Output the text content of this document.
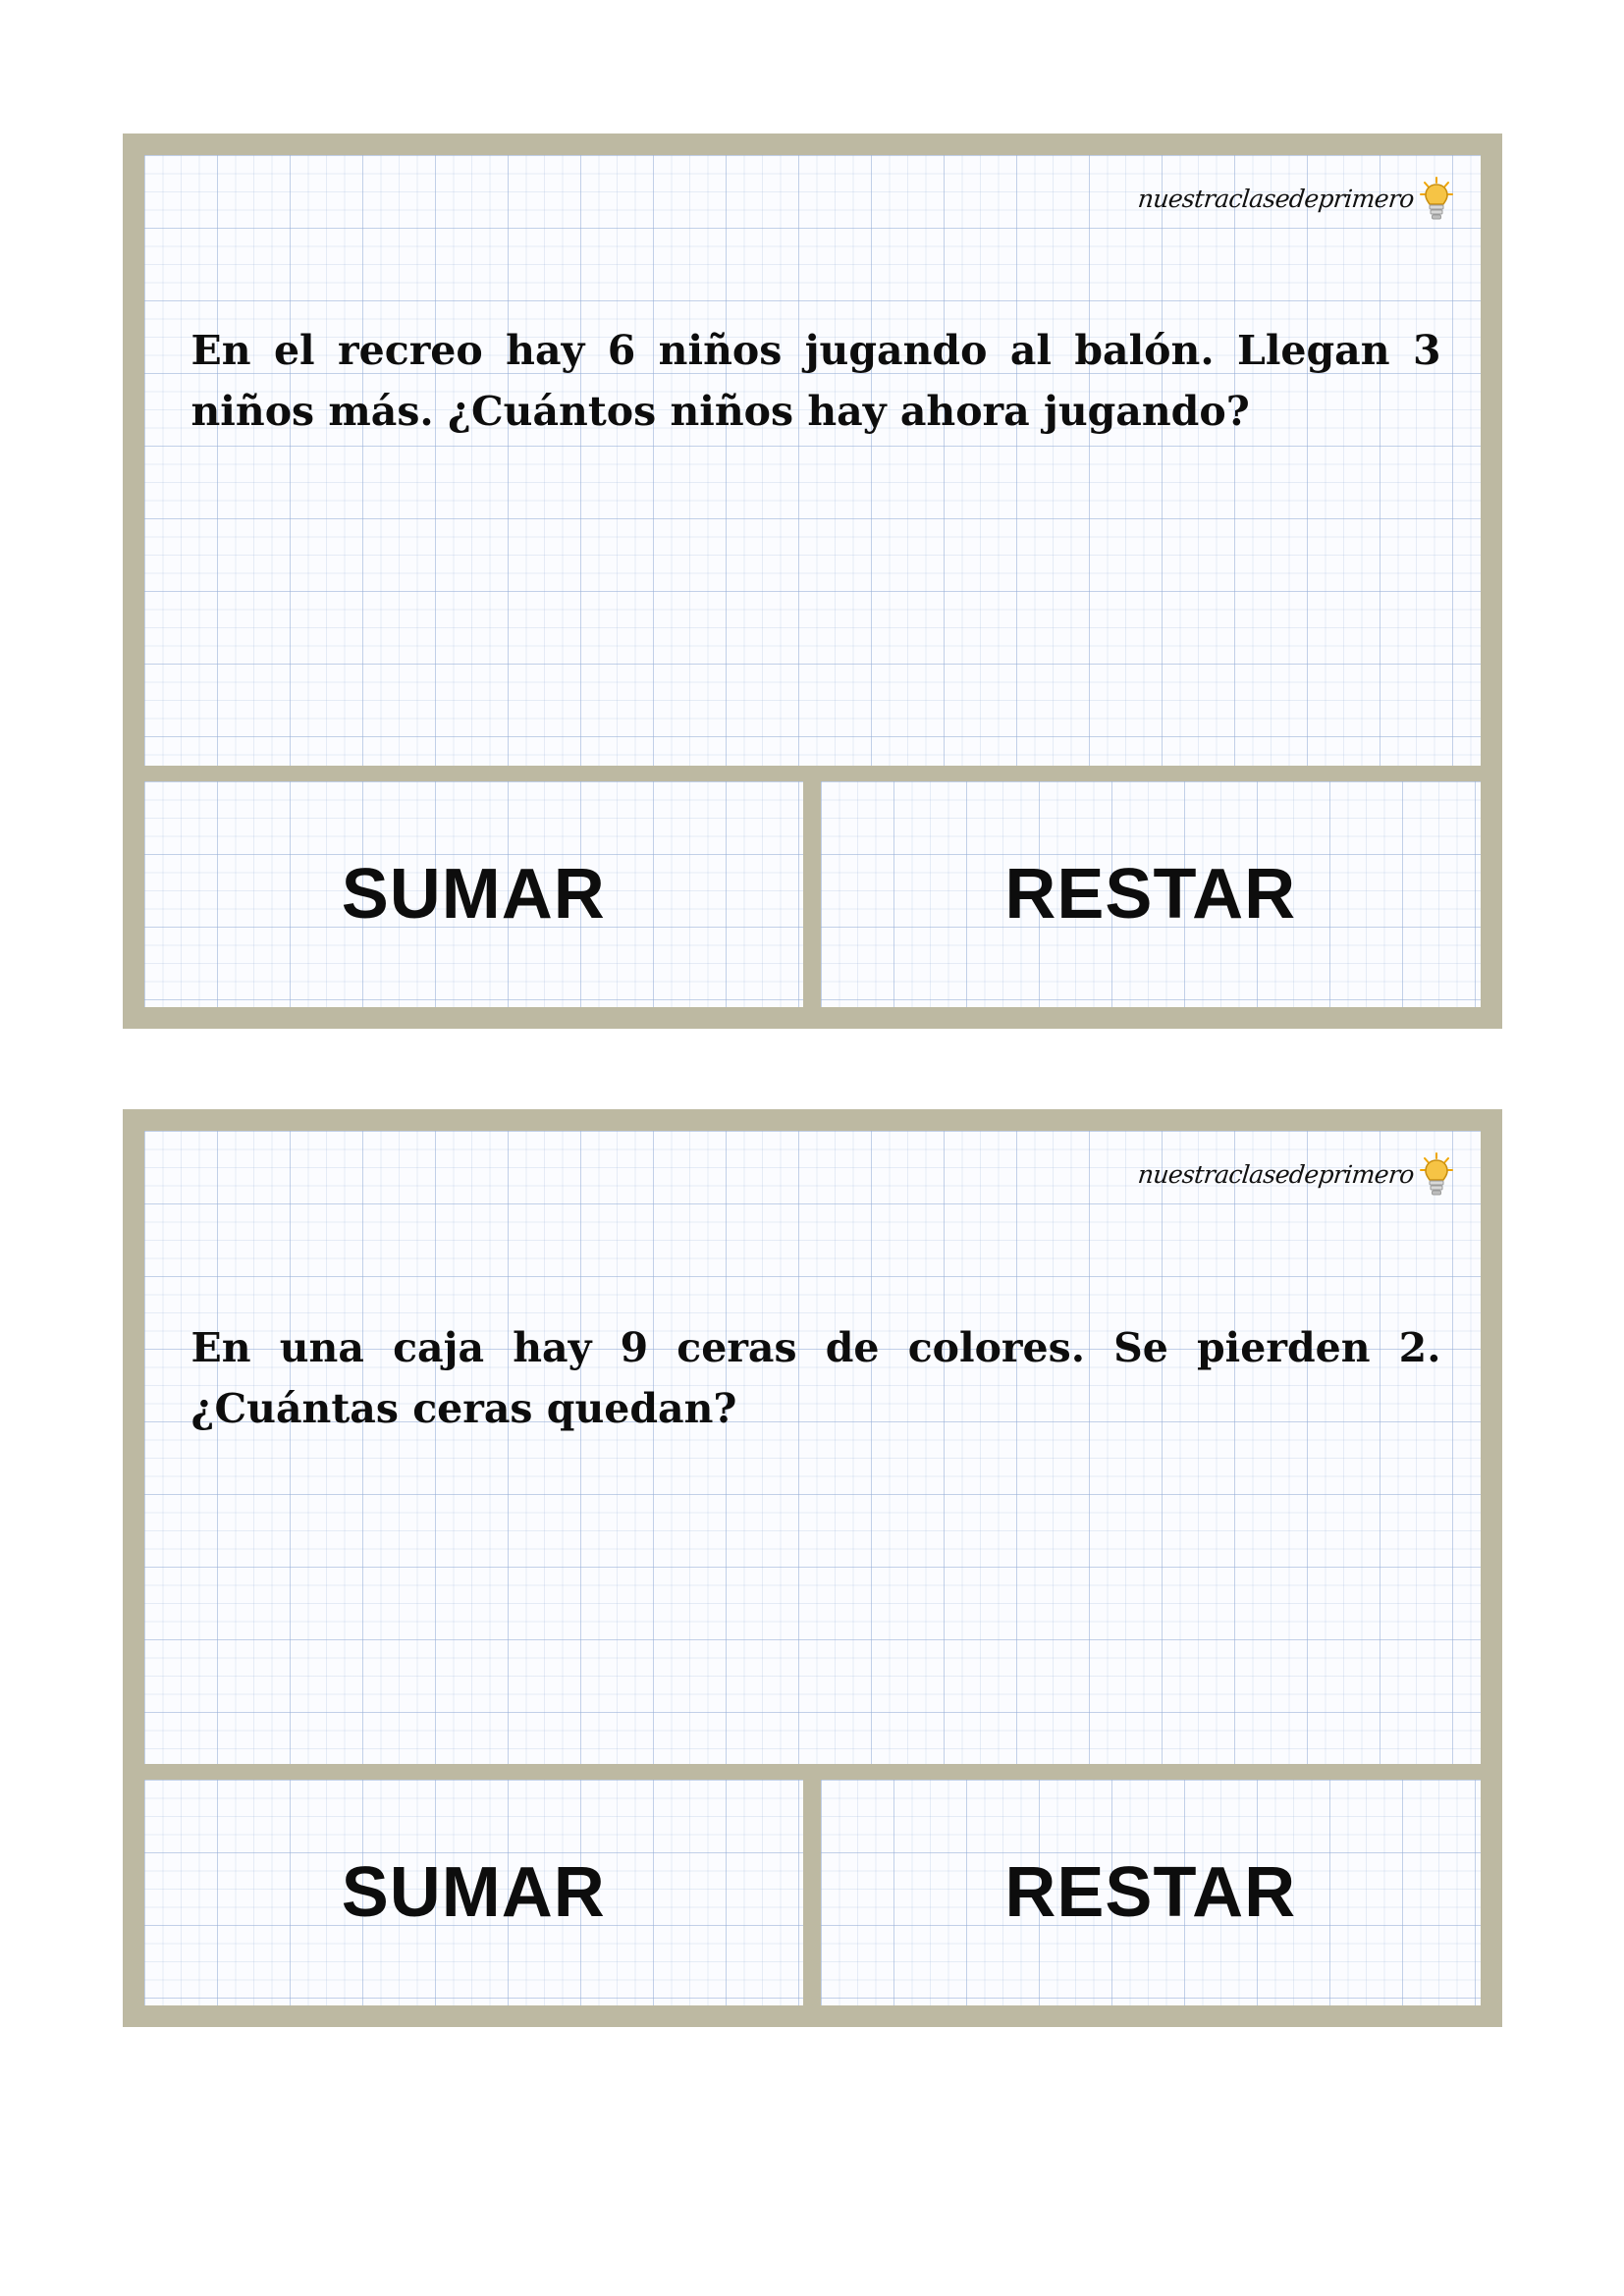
nuestraclasedeprimero
En el recreo hay 6 niños jugando al balón. Llegan 3 niños más. ¿Cuántos niños hay ahora jugando?
SUMAR	RESTAR
nuestraclasedeprimero
En una caja hay 9 ceras de colores. Se pierden 2. ¿Cuántas ceras quedan?
SUMAR	RESTAR
